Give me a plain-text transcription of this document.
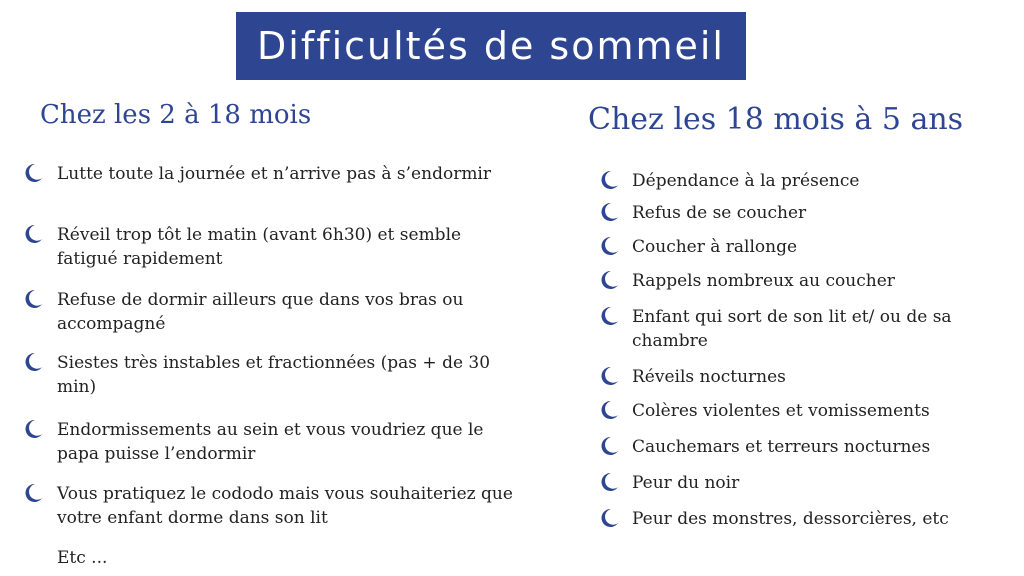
Difficultés de sommeil
Chez les 2 à 18 mois	Chez les 18 mois à 5 ans
Lutte toute la journée et n’arrive pas à s’endormir
Réveil trop tôt le matin (avant 6h30) et semble fatigué rapidement
Refuse de dormir ailleurs que dans vos bras ou accompagné
Siestes très instables et fractionnées (pas + de 30 min)
Endormissements au sein et vous voudriez que le papa puisse l’endormir
Vous pratiquez le cododo mais vous souhaiteriez que votre enfant dorme dans son lit
Etc ...
Dépendance à la présence
Refus de se coucher
Coucher à rallonge
Rappels nombreux au coucher
Enfant qui sort de son lit et/ ou de sa chambre
Réveils nocturnes
Colères violentes et vomissements
Cauchemars et terreurs nocturnes
Peur du noir
Peur des monstres, dessorcières, etc
